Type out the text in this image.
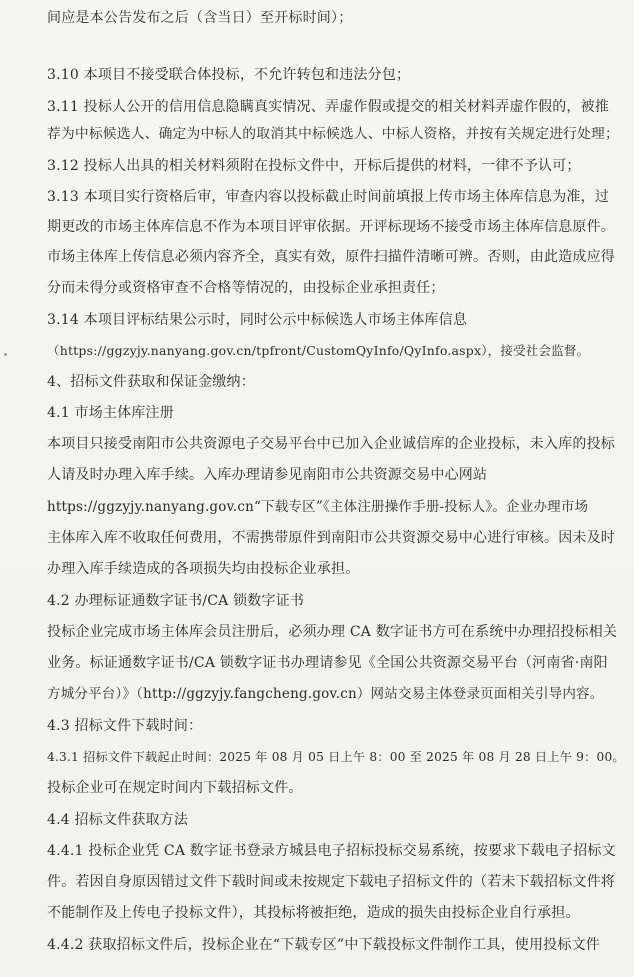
间应是本公告发布之后（含当日）至开标时间）；
3.10 本项目不接受联合体投标，不允许转包和违法分包；
3.11 投标人公开的信用信息隐瞒真实情况、弄虚作假或提交的相关材料弄虚作假的，被推
荐为中标候选人、确定为中标人的取消其中标候选人、中标人资格，并按有关规定进行处理；
3.12 投标人出具的相关材料须附在投标文件中，开标后提供的材料，一律不予认可；
3.13 本项目实行资格后审，审查内容以投标截止时间前填报上传市场主体库信息为准，过
期更改的市场主体库信息不作为本项目评审依据。开评标现场不接受市场主体库信息原件。
市场主体库上传信息必须内容齐全，真实有效，原件扫描件清晰可辨。否则，由此造成应得
分而未得分或资格审查不合格等情况的，由投标企业承担责任；
3.14 本项目评标结果公示时，同时公示中标候选人市场主体库信息
（https://ggzyjy.nanyang.gov.cn/tpfront/CustomQyInfo/QyInfo.aspx），接受社会监督。
4、招标文件获取和保证金缴纳：
4.1 市场主体库注册
本项目只接受南阳市公共资源电子交易平台中已加入企业诚信库的企业投标，未入库的投标
人请及时办理入库手续。入库办理请参见南阳市公共资源交易中心网站
https://ggzyjy.nanyang.gov.cn“下载专区”《主体注册操作手册-投标人》。企业办理市场
主体库入库不收取任何费用，不需携带原件到南阳市公共资源交易中心进行审核。因未及时
办理入库手续造成的各项损失均由投标企业承担。
4.2 办理标证通数字证书/CA 锁数字证书
投标企业完成市场主体库会员注册后，必须办理 CA 数字证书方可在系统中办理招投标相关
业务。标证通数字证书/CA 锁数字证书办理请参见《全国公共资源交易平台（河南省·南阳
方城分平台）》（http://ggzyjy.fangcheng.gov.cn）网站交易主体登录页面相关引导内容。
4.3 招标文件下载时间：
4.3.1 招标文件下载起止时间：2025 年 08 月 05 日上午 8：00 至 2025 年 08 月 28 日上午 9：00。
投标企业可在规定时间内下载招标文件。
4.4 招标文件获取方法
4.4.1 投标企业凭 CA 数字证书登录方城县电子招标投标交易系统，按要求下载电子招标文
件。若因自身原因错过文件下载时间或未按规定下载电子招标文件的（若未下载招标文件将
不能制作及上传电子投标文件），其投标将被拒绝，造成的损失由投标企业自行承担。
4.4.2 获取招标文件后，投标企业在“下载专区”中下载投标文件制作工具，使用投标文件
